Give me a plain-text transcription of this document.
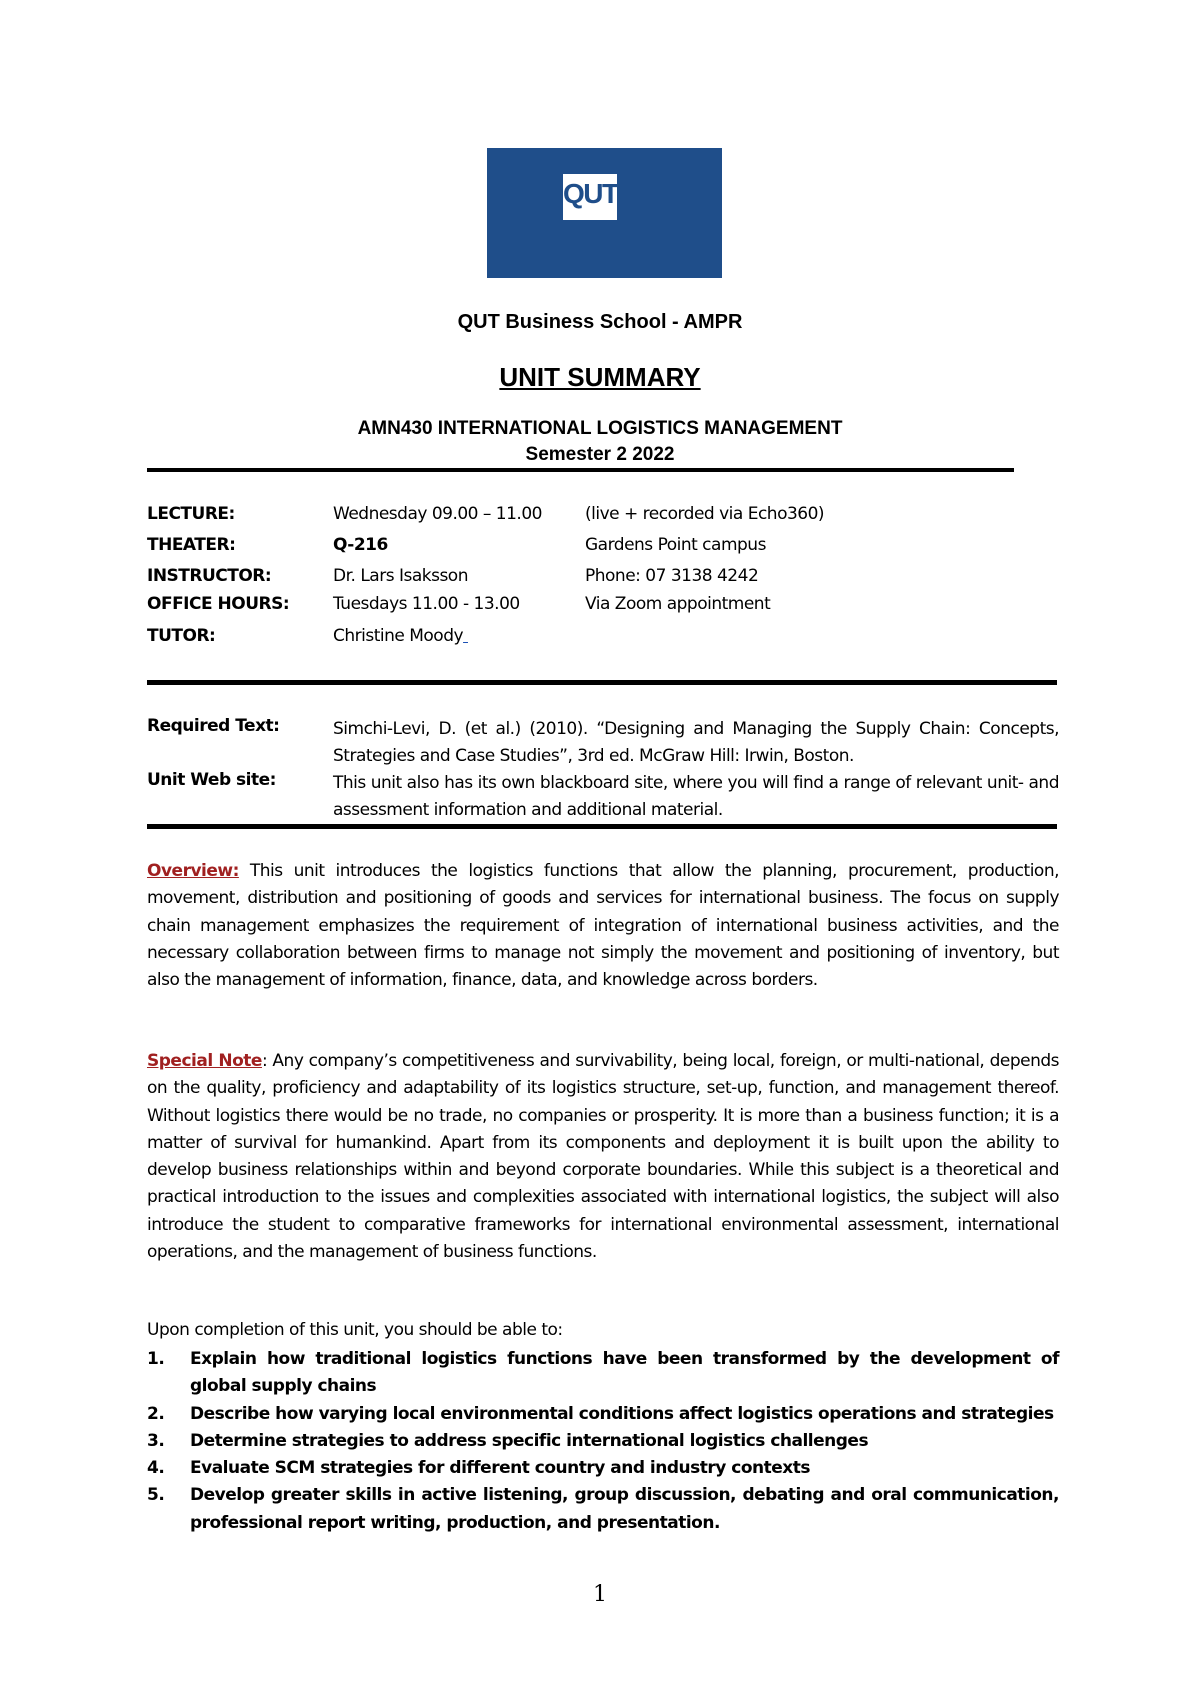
QUT
QUT Business School - AMPR
UNIT SUMMARY
AMN430 INTERNATIONAL LOGISTICS MANAGEMENT
Semester 2 2022
LECTURE:	Wednesday 09.00 – 11.00	(live + recorded via Echo360)
THEATER:	Q-216	Gardens Point campus
INSTRUCTOR:	Dr. Lars Isaksson	Phone: 07 3138 4242
OFFICE HOURS:	Tuesdays 11.00 - 13.00	Via Zoom appointment
TUTOR:	Christine Moody
Required Text:	Simchi-Levi, D. (et al.) (2010). “Designing and Managing the Supply Chain: Concepts, Strategies and Case Studies”, 3rd ed. McGraw Hill: Irwin, Boston.
Unit Web site:	This unit also has its own blackboard site, where you will find a range of relevant unit- and assessment information and additional material.
Overview: This unit introduces the logistics functions that allow the planning, procurement, production, movement, distribution and positioning of goods and services for international business. The focus on supply chain management emphasizes the requirement of integration of international business activities, and the necessary collaboration between firms to manage not simply the movement and positioning of inventory, but also the management of information, finance, data, and knowledge across borders.
Special Note: Any company’s competitiveness and survivability, being local, foreign, or multi-national, depends on the quality, proficiency and adaptability of its logistics structure, set-up, function, and management thereof. Without logistics there would be no trade, no companies or prosperity. It is more than a business function; it is a matter of survival for humankind. Apart from its components and deployment it is built upon the ability to develop business relationships within and beyond corporate boundaries. While this subject is a theoretical and practical introduction to the issues and complexities associated with international logistics, the subject will also introduce the student to comparative frameworks for international environmental assessment, international operations, and the management of business functions.
Upon completion of this unit, you should be able to:
1. Explain how traditional logistics functions have been transformed by the development of global supply chains
2. Describe how varying local environmental conditions affect logistics operations and strategies
3. Determine strategies to address specific international logistics challenges
4. Evaluate SCM strategies for different country and industry contexts
5. Develop greater skills in active listening, group discussion, debating and oral communication, professional report writing, production, and presentation.
1
